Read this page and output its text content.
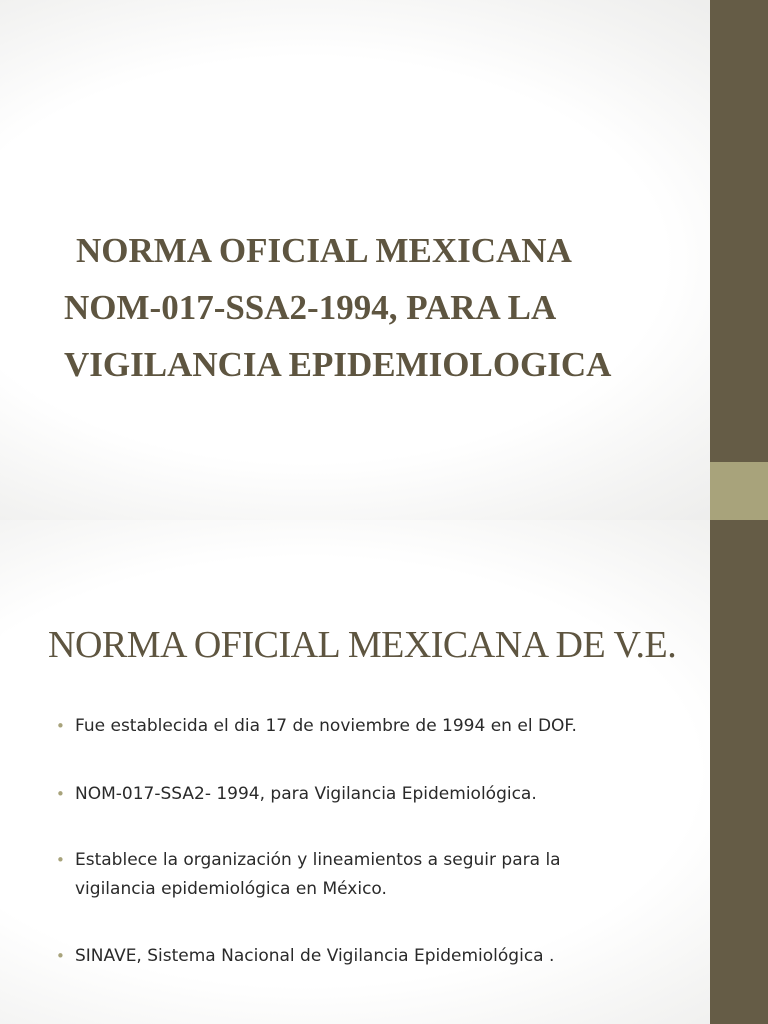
NORMA OFICIAL MEXICANA
NOM-017-SSA2-1994, PARA LA
VIGILANCIA EPIDEMIOLOGICA
NORMA OFICIAL MEXICANA DE V.E.
• Fue establecida el dia 17 de noviembre de 1994 en el DOF.
• NOM-017-SSA2- 1994, para Vigilancia Epidemiológica.
• Establece la organización y lineamientos a seguir para la
vigilancia epidemiológica en México.
• SINAVE, Sistema Nacional de Vigilancia Epidemiológica .
